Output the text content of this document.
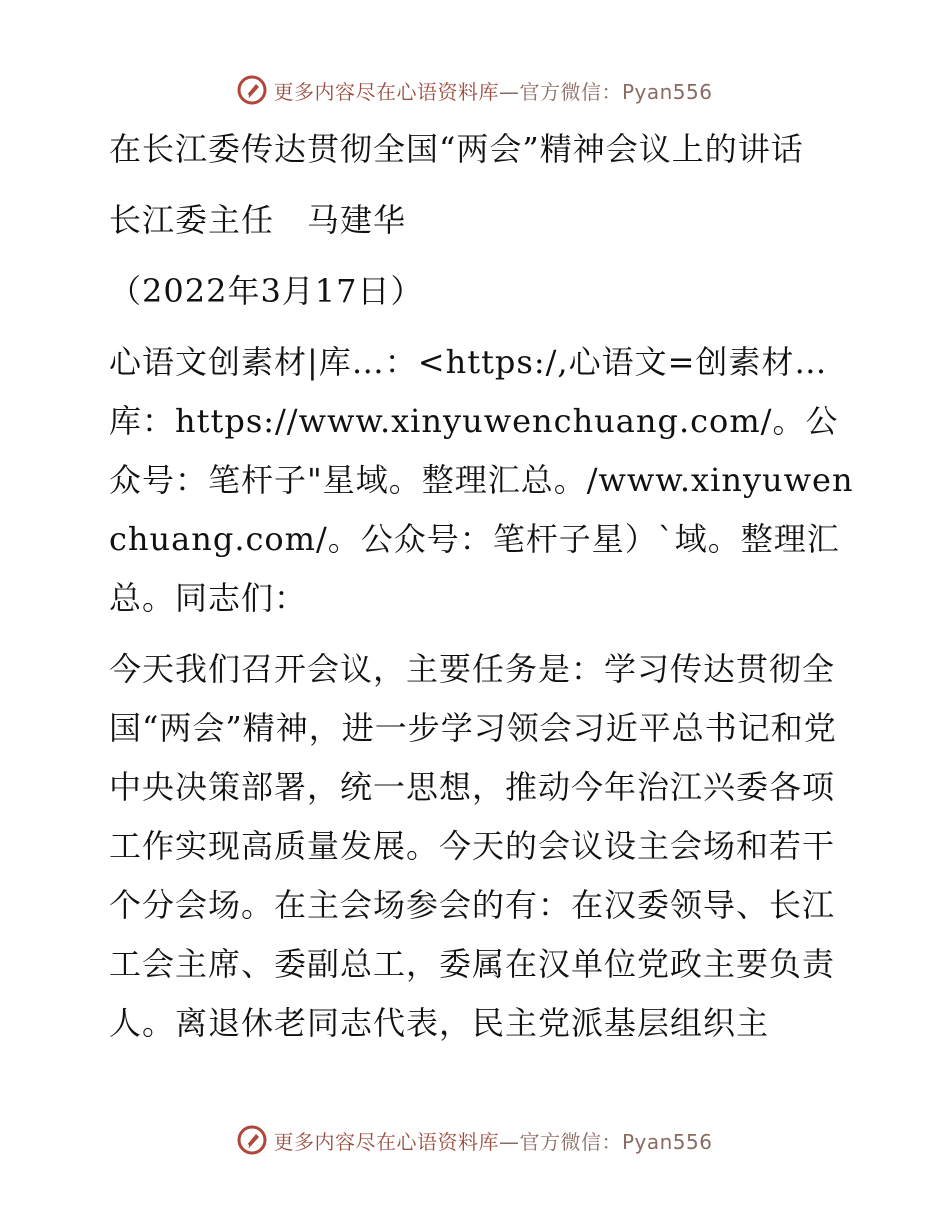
更多内容尽在心语资料库—官方微信：Pyan556

在长江委传达贯彻全国“两会”精神会议上的讲话

长江委主任　马建华

（2022年3月17日）

心语文创素材|库…：<https:/,心语文=创素材…库：https://www.xinyuwenchuang.com/。公众号：笔杆子"星域。整理汇总。/www.xinyuwenchuang.com/。公众号：笔杆子星）`域。整理汇总。同志们：

今天我们召开会议，主要任务是：学习传达贯彻全国“两会”精神，进一步学习领会习近平总书记和党中央决策部署，统一思想，推动今年治江兴委各项工作实现高质量发展。今天的会议设主会场和若干个分会场。在主会场参会的有：在汉委领导、长江工会主席、委副总工，委属在汉单位党政主要负责人。离退休老同志代表，民主党派基层组织主

更多内容尽在心语资料库—官方微信：Pyan556
